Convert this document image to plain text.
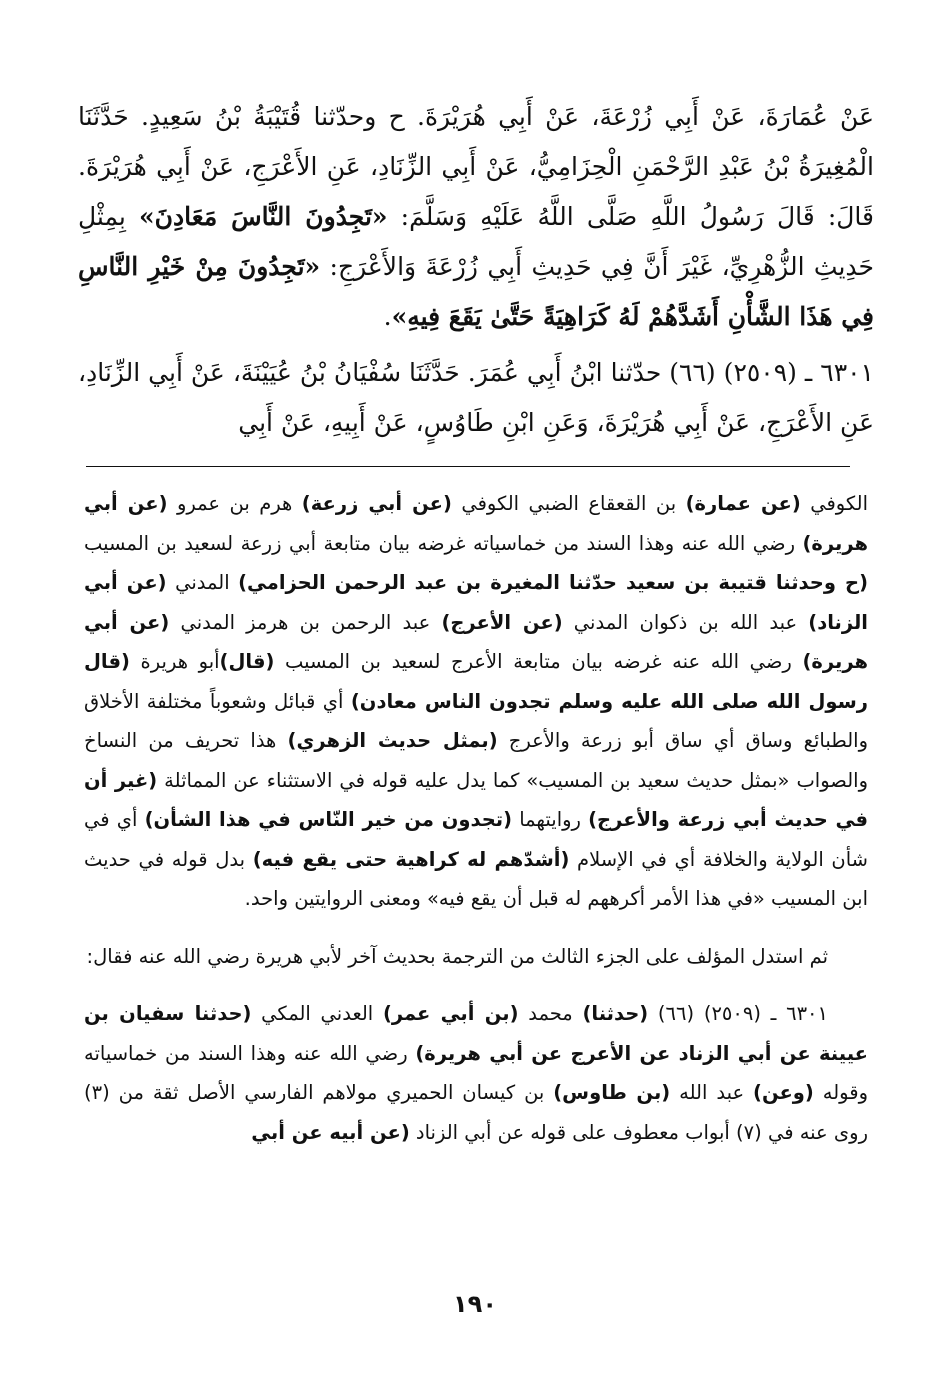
عَنْ عُمَارَةَ، عَنْ أَبِي زُرْعَةَ، عَنْ أَبِي هُرَيْرَةَ. ح وحدّثنا قُتَيْبَةُ بْنُ سَعِيدٍ. حَدَّثَنَا الْمُغِيرَةُ بْنُ عَبْدِ الرَّحْمَنِ الْحِزَامِيُّ، عَنْ أَبِي الزِّنَادِ، عَنِ الأَعْرَجِ، عَنْ أَبِي هُرَيْرَةَ. قَالَ: قَالَ رَسُولُ اللَّهِ صَلَّى اللَّهُ عَلَيْهِ وَسَلَّمَ: «تَجِدُونَ النَّاسَ مَعَادِنَ» بِمِثْلِ حَدِيثِ الزُّهْرِيِّ، غَيْرَ أَنَّ فِي حَدِيثِ أَبِي زُرْعَةَ وَالأَعْرَجِ: «تَجِدُونَ مِنْ خَيْرِ النَّاسِ فِي هَذَا الشَّأْنِ أَشَدَّهُمْ لَهُ كَرَاهِيَةً حَتَّىٰ يَقَعَ فِيهِ».

٦٣٠١ ـ (٢٥٠٩) (٦٦) حدّثنا ابْنُ أَبِي عُمَرَ. حَدَّثَنَا سُفْيَانُ بْنُ عُيَيْنَةَ، عَنْ أَبِي الزِّنَادِ، عَنِ الأَعْرَجِ، عَنْ أَبِي هُرَيْرَةَ، وَعَنِ ابْنِ طَاوُسٍ، عَنْ أَبِيهِ، عَنْ أَبِي

الكوفي (عن عمارة) بن القعقاع الضبي الكوفي (عن أبي زرعة) هرم بن عمرو (عن أبي هريرة) رضي الله عنه وهذا السند من خماسياته غرضه بيان متابعة أبي زرعة لسعيد بن المسيب (ح وحدثنا قتيبة بن سعيد حدّثنا المغيرة بن عبد الرحمن الحزامي) المدني (عن أبي الزناد) عبد الله بن ذكوان المدني (عن الأعرج) عبد الرحمن بن هرمز المدني (عن أبي هريرة) رضي الله عنه غرضه بيان متابعة الأعرج لسعيد بن المسيب (قال)أبو هريرة (قال رسول الله صلى الله عليه وسلم تجدون الناس معادن) أي قبائل وشعوباً مختلفة الأخلاق والطبائع وساق أي ساق أبو زرعة والأعرج (بمثل حديث الزهري) هذا تحريف من النساخ والصواب «بمثل حديث سعيد بن المسيب» كما يدل عليه قوله في الاستثناء عن المماثلة (غير أن في حديث أبي زرعة والأعرج) روايتهما (تجدون من خير النّاس في هذا الشأن) أي في شأن الولاية والخلافة أي في الإسلام (أشدّهم له كراهية حتى يقع فيه) بدل قوله في حديث ابن المسيب «في هذا الأمر أكرههم له قبل أن يقع فيه» ومعنى الروايتين واحد.

ثم استدل المؤلف على الجزء الثالث من الترجمة بحديث آخر لأبي هريرة رضي الله عنه فقال:

٦٣٠١ ـ (٢٥٠٩) (٦٦) (حدثنا) محمد (بن أبي عمر) العدني المكي (حدثنا سفيان بن عيينة عن أبي الزناد عن الأعرج عن أبي هريرة) رضي الله عنه وهذا السند من خماسياته وقوله (وعن) عبد الله (بن طاوس) بن كيسان الحميري مولاهم الفارسي الأصل ثقة من (٣) روى عنه في (٧) أبواب معطوف على قوله عن أبي الزناد (عن أبيه عن أبي

١٩٠
